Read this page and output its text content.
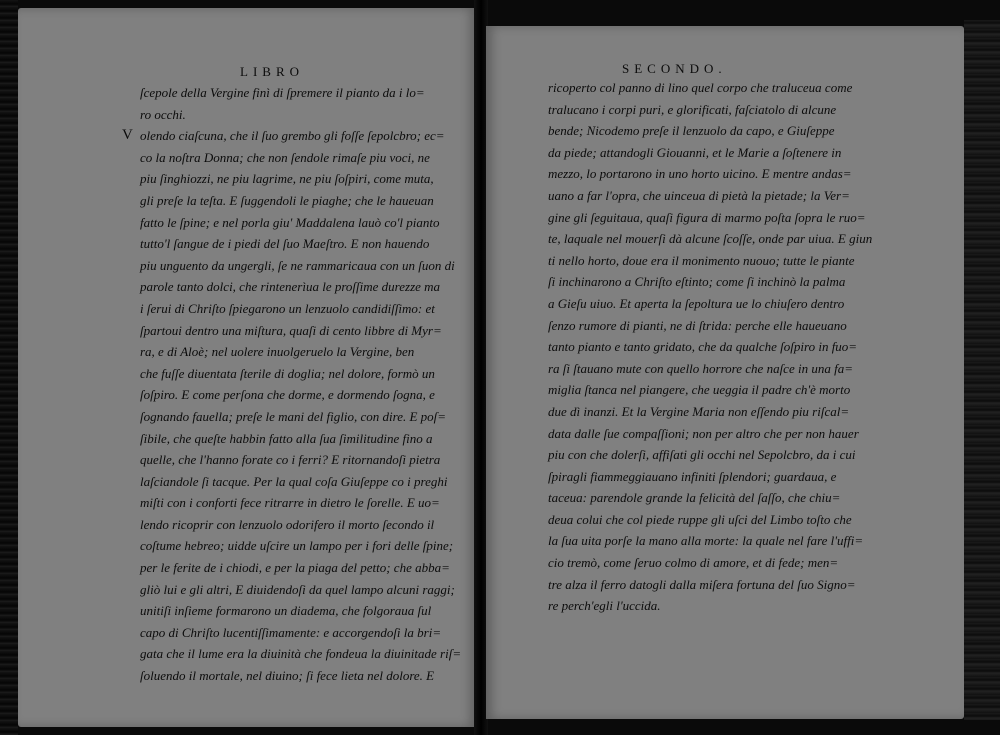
LIBRO
V
ſcepole della Vergine finì di ſpremere il pianto da i lo=
ro occhi.
olendo ciaſcuna, che il ſuo grembo gli foſſe ſepolcbro; ec=
co la noſtra Donna; che non ſendole rimaſe piu voci, ne
piu ſinghiozzi, ne piu lagrime, ne piu ſoſpiri, come muta,
gli preſe la teſta. E ſuggendoli le piaghe; che le haueuan
fatto le ſpine; e nel porla giu' Maddalena lauò co'l pianto
tutto'l ſangue de i piedi del ſuo Maeſtro. E non hauendo
piu unguento da ungergli, ſe ne rammaricaua con un ſuon di
parole tanto dolci, che rintenerìua le proſſime durezze ma
i ſerui di Chriſto ſpiegarono un lenzuolo candidiſſimo: et
ſpartoui dentro una miſtura, quaſi di cento libbre di Myr=
ra, e di Aloè; nel uolere inuolgeruelo la Vergine, ben
che fuſſe diuentata ſterile di doglia; nel dolore, formò un
ſoſpiro. E come perſona che dorme, e dormendo ſogna, e
ſognando fauella; preſe le mani del figlio, con dire. E poſ=
ſibile, che queſte habbin fatto alla ſua ſimilitudine fino a
quelle, che l'hanno forate co i ferri? E ritornandoſi pietra
laſciandole ſi tacque. Per la qual coſa Giuſeppe co i preghi
miſti con i conforti fece ritrarre in dietro le ſorelle. E uo=
lendo ricoprir con lenzuolo odorifero il morto ſecondo il
coſtume hebreo; uidde uſcire un lampo per i fori delle ſpine;
per le ferite de i chiodi, e per la piaga del petto; che abba=
gliò lui e gli altri, E diuidendoſi da quel lampo alcuni raggi;
unitiſi inſieme formarono un diadema, che folgoraua ſul
capo di Chriſto lucentiſſimamente: e accorgendoſi la bri=
gata che il lume era la diuinità che fondeua la diuinitade riſ=
ſoluendo il mortale, nel diuino; ſi fece lieta nel dolore. E
SECONDO.
ricoperto col panno di lino quel corpo che traluceua come
tralucano i corpi puri, e glorificati, faſciatolo di alcune
bende; Nicodemo preſe il lenzuolo da capo, e Giuſeppe
da piede; attandogli Giouanni, et le Marie a ſoſtenere in
mezzo, lo portarono in uno horto uicino. E mentre andas=
uano a far l'opra, che uinceua di pietà la pietade; la Ver=
gine gli ſeguitaua, quaſi figura di marmo poſta ſopra le ruo=
te, laquale nel mouerſi dà alcune ſcoſſe, onde par uiua. E giun
ti nello horto, doue era il monimento nuouo; tutte le piante
ſi inchinarono a Chriſto eſtinto; come ſi inchinò la palma
a Gieſu uiuo. Et aperta la ſepoltura ue lo chiuſero dentro
ſenzo rumore di pianti, ne di ſtrida: perche elle haueuano
tanto pianto e tanto gridato, che da qualche ſoſpiro in fuo=
ra ſi ſtauano mute con quello horrore che naſce in una fa=
miglia ſtanca nel piangere, che ueggia il padre ch'è morto
due dì inanzi. Et la Vergine Maria non eſſendo piu riſcal=
data dalle ſue compaſſioni; non per altro che per non hauer
piu con che dolerſi, affiſati gli occhi nel Sepolcbro, da i cui
ſpiragli fiammeggiauano infiniti ſplendori; guardaua, e
taceua: parendole grande la felicità del ſaſſo, che chiu=
deua colui che col piede ruppe gli uſci del Limbo toſto che
la ſua uita porſe la mano alla morte: la quale nel fare l'uffi=
cio tremò, come ſeruo colmo di amore, et di fede; men=
tre alza il ferro datogli dalla miſera fortuna del ſuo Signo=
re perch'egli l'uccida.
